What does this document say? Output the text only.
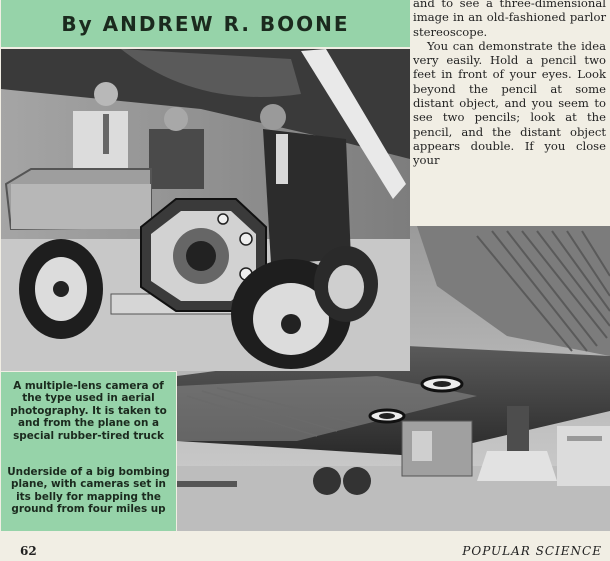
By ANDREW R. BOONE

and to see a three-dimensional image in an old-fashioned parlor stereoscope.

You can demonstrate the idea very easily. Hold a pencil two feet in front of your eyes. Look beyond the pencil at some distant object, and you seem to see two pencils; look at the pencil, and the distant object appears double. If you close your

A multiple-lens camera of the type used in aerial photography. It is taken to and from the plane on a special rubber-tired truck
Underside of a big bombing plane, with cameras set in its belly for mapping the ground from four miles up
62	POPULAR SCIENCE
